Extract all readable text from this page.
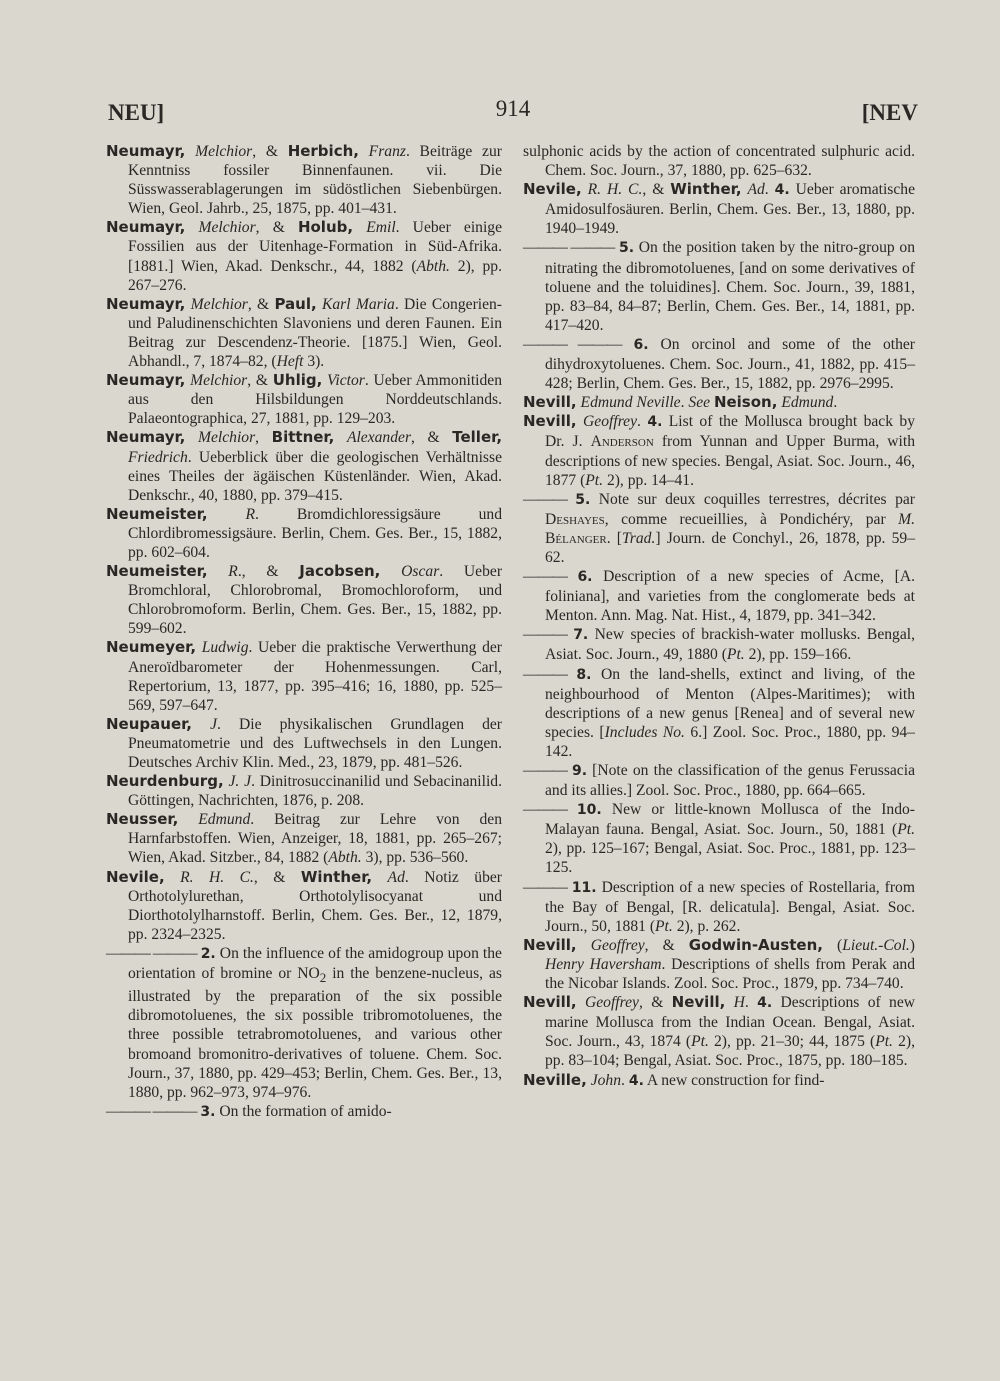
NEU]	914	[NEV
Neumayr, Melchior, & Herbich, Franz. Beiträge zur Kenntniss fossiler Binnenfaunen. vii. Die Süsswasserablagerungen im südöstlichen Siebenbürgen. Wien, Geol. Jahrb., 25, 1875, pp. 401–431.
Neumayr, Melchior, & Holub, Emil. Ueber einige Fossilien aus der Uitenhage-Formation in Süd-Afrika. [1881.] Wien, Akad. Denkschr., 44, 1882 (Abth. 2), pp. 267–276.
Neumayr, Melchior, & Paul, Karl Maria. Die Congerien- und Paludinenschichten Slavoniens und deren Faunen. Ein Beitrag zur Descendenz-Theorie. [1875.] Wien, Geol. Abhandl., 7, 1874–82, (Heft 3).
Neumayr, Melchior, & Uhlig, Victor. Ueber Ammonitiden aus den Hilsbildungen Norddeutschlands. Palaeontographica, 27, 1881, pp. 129–203.
Neumayr, Melchior, Bittner, Alexander, & Teller, Friedrich. Ueberblick über die geologischen Verhältnisse eines Theiles der ägäischen Küstenländer. Wien, Akad. Denkschr., 40, 1880, pp. 379–415.
Neumeister, R. Bromdichloressigsäure und Chlordibromessigsäure. Berlin, Chem. Ges. Ber., 15, 1882, pp. 602–604.
Neumeister, R., & Jacobsen, Oscar. Ueber Bromchloral, Chlorobromal, Bromochloroform, und Chlorobromoform. Berlin, Chem. Ges. Ber., 15, 1882, pp. 599–602.
Neumeyer, Ludwig. Ueber die praktische Verwerthung der Aneroïdbarometer der Hohenmessungen. Carl, Repertorium, 13, 1877, pp. 395–416; 16, 1880, pp. 525–569, 597–647.
Neupauer, J. Die physikalischen Grundlagen der Pneumatometrie und des Luftwechsels in den Lungen. Deutsches Archiv Klin. Med., 23, 1879, pp. 481–526.
Neurdenburg, J. J. Dinitrosuccinanilid und Sebacinanilid. Göttingen, Nachrichten, 1876, p. 208.
Neusser, Edmund. Beitrag zur Lehre von den Harnfarbstoffen. Wien, Anzeiger, 18, 1881, pp. 265–267; Wien, Akad. Sitzber., 84, 1882 (Abth. 3), pp. 536–560.
Nevile, R. H. C., & Winther, Ad. Notiz über Orthotolylurethan, Orthotolylisocyanat und Diorthotolylharnstoff. Berlin, Chem. Ges. Ber., 12, 1879, pp. 2324–2325.
——— ——— 2. On the influence of the amidogroup upon the orientation of bromine or $NO_2$ in the benzene-nucleus, as illustrated by the preparation of the six possible dibromotoluenes, the six possible tribromotoluenes, the three possible tetrabromotoluenes, and various other bromoand bromonitro-derivatives of toluene. Chem. Soc. Journ., 37, 1880, pp. 429–453; Berlin, Chem. Ges. Ber., 13, 1880, pp. 962–973, 974–976.
——— ——— 3. On the formation of amido-
sulphonic acids by the action of concentrated sulphuric acid. Chem. Soc. Journ., 37, 1880, pp. 625–632.
Nevile, R. H. C., & Winther, Ad. 4. Ueber aromatische Amidosulfosäuren. Berlin, Chem. Ges. Ber., 13, 1880, pp. 1940–1949.
——— ——— 5. On the position taken by the nitro-group on nitrating the dibromotoluenes, [and on some derivatives of toluene and the toluidines]. Chem. Soc. Journ., 39, 1881, pp. 83–84, 84–87; Berlin, Chem. Ges. Ber., 14, 1881, pp. 417–420.
——— ——— 6. On orcinol and some of the other dihydroxytoluenes. Chem. Soc. Journ., 41, 1882, pp. 415–428; Berlin, Chem. Ges. Ber., 15, 1882, pp. 2976–2995.
Nevill, Edmund Neville. See Neison, Edmund.
Nevill, Geoffrey. 4. List of the Mollusca brought back by Dr. J. Anderson from Yunnan and Upper Burma, with descriptions of new species. Bengal, Asiat. Soc. Journ., 46, 1877 (Pt. 2), pp. 14–41.
——— 5. Note sur deux coquilles terrestres, décrites par Deshayes, comme recueillies, à Pondichéry, par M. Bélanger. [Trad.] Journ. de Conchyl., 26, 1878, pp. 59–62.
——— 6. Description of a new species of Acme, [A. foliniana], and varieties from the conglomerate beds at Menton. Ann. Mag. Nat. Hist., 4, 1879, pp. 341–342.
——— 7. New species of brackish-water mollusks. Bengal, Asiat. Soc. Journ., 49, 1880 (Pt. 2), pp. 159–166.
——— 8. On the land-shells, extinct and living, of the neighbourhood of Menton (Alpes-Maritimes); with descriptions of a new genus [Renea] and of several new species. [Includes No. 6.] Zool. Soc. Proc., 1880, pp. 94–142.
——— 9. [Note on the classification of the genus Ferussacia and its allies.] Zool. Soc. Proc., 1880, pp. 664–665.
——— 10. New or little-known Mollusca of the Indo-Malayan fauna. Bengal, Asiat. Soc. Journ., 50, 1881 (Pt. 2), pp. 125–167; Bengal, Asiat. Soc. Proc., 1881, pp. 123–125.
——— 11. Description of a new species of Rostellaria, from the Bay of Bengal, [R. delicatula]. Bengal, Asiat. Soc. Journ., 50, 1881 (Pt. 2), p. 262.
Nevill, Geoffrey, & Godwin-Austen, (Lieut.-Col.) Henry Haversham. Descriptions of shells from Perak and the Nicobar Islands. Zool. Soc. Proc., 1879, pp. 734–740.
Nevill, Geoffrey, & Nevill, H. 4. Descriptions of new marine Mollusca from the Indian Ocean. Bengal, Asiat. Soc. Journ., 43, 1874 (Pt. 2), pp. 21–30; 44, 1875 (Pt. 2), pp. 83–104; Bengal, Asiat. Soc. Proc., 1875, pp. 180–185.
Neville, John. 4. A new construction for find-
